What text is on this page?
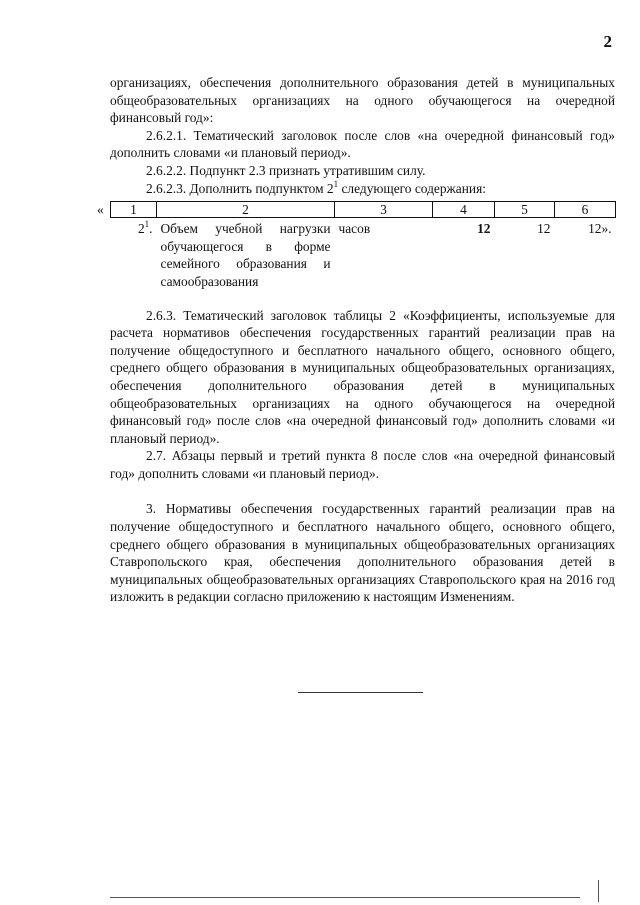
2

организациях, обеспечения дополнительного образования детей в муниципальных общеобразовательных организациях на одного обучающегося на очередной финансовый год»:

2.6.2.1. Тематический заголовок после слов «на очередной финансовый год» дополнить словами «и плановый период».

2.6.2.2. Подпункт 2.3 признать утратившим силу.

2.6.2.3. Дополнить подпунктом $2^1$ следующего содержания:

« 1	2	3	4	5	6
$2^1$.	Объем учебной нагрузки обучающегося в форме семейного образования и самообразования	часов	12	12	12».

2.6.3. Тематический заголовок таблицы 2 «Коэффициенты, используемые для расчета нормативов обеспечения государственных гарантий реализации прав на получение общедоступного и бесплатного начального общего, основного общего, среднего общего образования в муниципальных общеобразовательных организациях, обеспечения дополнительного образования детей в муниципальных общеобразовательных организациях на одного обучающегося на очередной финансовый год» после слов «на очередной финансовый год» дополнить словами «и плановый период».

2.7. Абзацы первый и третий пункта 8 после слов «на очередной финансовый год» дополнить словами «и плановый период».

3. Нормативы обеспечения государственных гарантий реализации прав на получение общедоступного и бесплатного начального общего, основного общего, среднего общего образования в муниципальных общеобразовательных организациях Ставропольского края, обеспечения дополнительного образования детей в муниципальных общеобразовательных организациях Ставропольского края на 2016 год изложить в редакции согласно приложению к настоящим Изменениям.
